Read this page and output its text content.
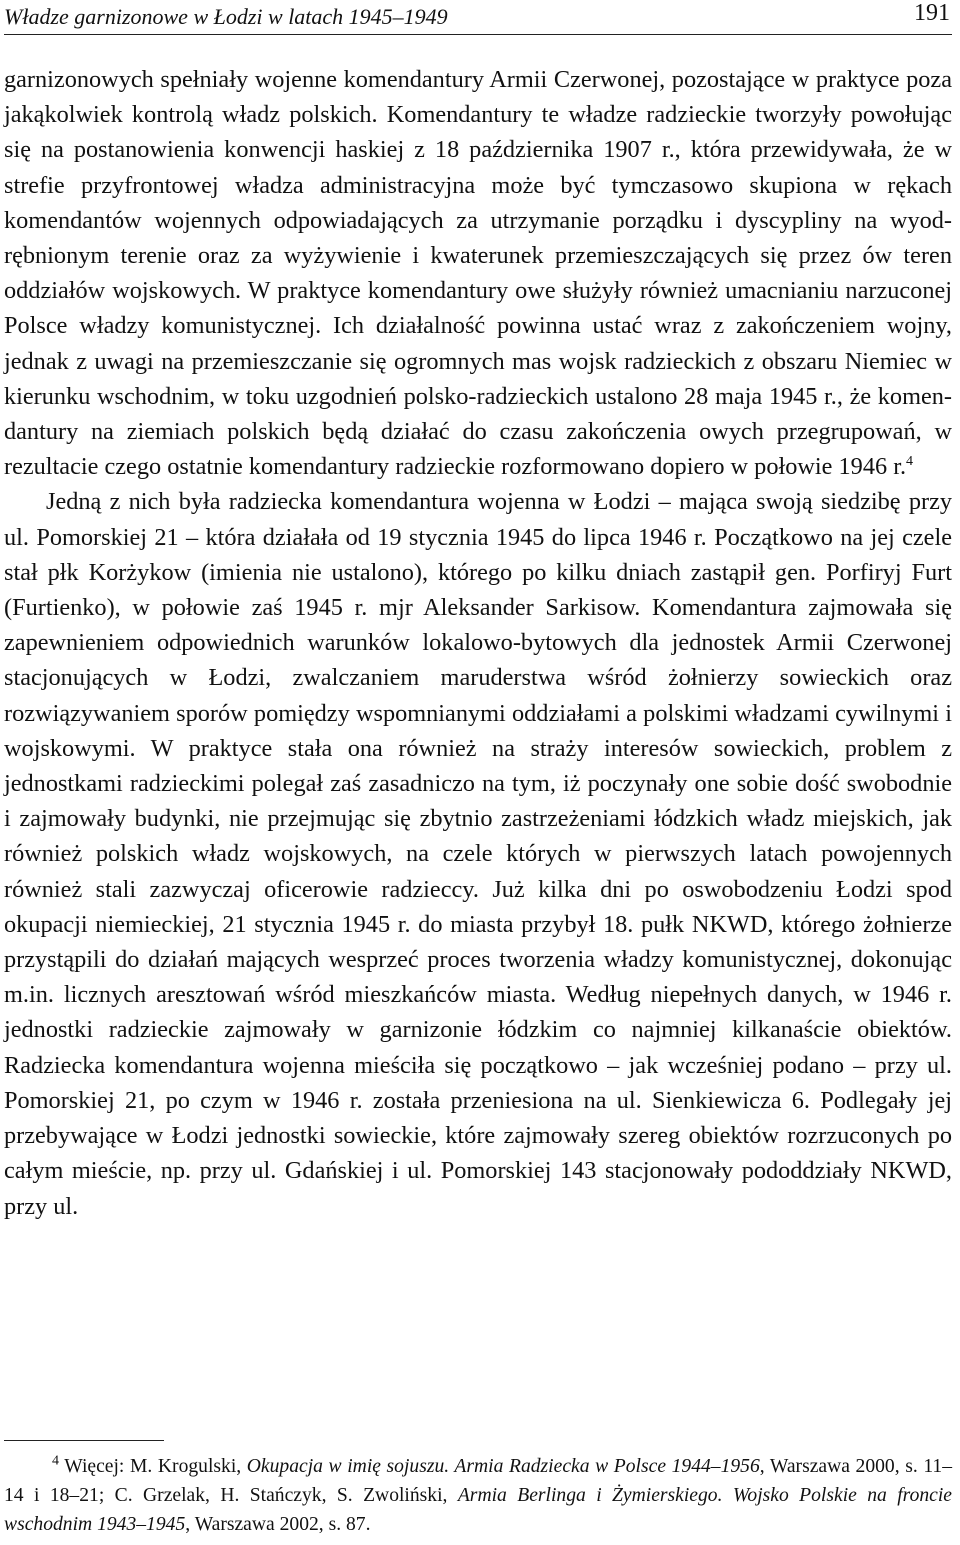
Władze garnizonowe w Łodzi w latach 1945–1949	191

garnizonowych spełniały wojenne komendantury Armii Czerwonej, pozostające w praktyce poza jakąkolwiek kontrolą władz polskich. Komendantury te władze radzieckie tworzyły powołując się na postanowienia konwencji haskiej z 18 października 1907 r., która przewidywała, że w strefie przyfrontowej władza administracyjna może być tymczasowo skupiona w rękach komendantów wojennych odpowiadających za utrzymanie porządku i dyscypliny na wyodrębnionym terenie oraz za wyżywienie i kwaterunek przemieszczających się przez ów teren oddziałów wojskowych. W praktyce komendantury owe służyły również umacnianiu narzuconej Polsce władzy komunistycznej. Ich działalność powinna ustać wraz z zakończeniem wojny, jednak z uwagi na przemieszczanie się ogromnych mas wojsk radzieckich z obszaru Niemiec w kierunku wschodnim, w toku uzgodnień polsko-radzieckich ustalono 28 maja 1945 r., że komendantury na ziemiach polskich będą działać do czasu zakończenia owych przegrupowań, w rezultacie czego ostatnie komendantury radzieckie rozformowano dopiero w połowie 1946 r.$^4$

Jedną z nich była radziecka komendantura wojenna w Łodzi – mająca swoją siedzibę przy ul. Pomorskiej 21 – która działała od 19 stycznia 1945 do lipca 1946 r. Początkowo na jej czele stał płk Korżykow (imienia nie ustalono), którego po kilku dniach zastąpił gen. Porfiryj Furt (Furtienko), w połowie zaś 1945 r. mjr Aleksander Sarkisow. Komendantura zajmowała się zapewnieniem odpowiednich warunków lokalowo-bytowych dla jednostek Armii Czerwonej stacjonujących w Łodzi, zwalczaniem maruderstwa wśród żołnierzy sowieckich oraz rozwiązywaniem sporów pomiędzy wspomnianymi oddziałami a polskimi władzami cywilnymi i wojskowymi. W praktyce stała ona również na straży interesów sowieckich, problem z jednostkami radzieckimi polegał zaś zasadniczo na tym, iż poczynały one sobie dość swobodnie i zajmowały budynki, nie przejmując się zbytnio zastrzeżeniami łódzkich władz miejskich, jak również polskich władz wojskowych, na czele których w pierwszych latach powojennych również stali zazwyczaj oficerowie radzieccy. Już kilka dni po oswobodzeniu Łodzi spod okupacji niemieckiej, 21 stycznia 1945 r. do miasta przybył 18. pułk NKWD, którego żołnierze przystąpili do działań mających wesprzeć proces tworzenia władzy komunistycznej, dokonując m.in. licznych aresztowań wśród mieszkańców miasta. Według niepełnych danych, w 1946 r. jednostki radzieckie zajmowały w garnizonie łódzkim co najmniej kilkanaście obiektów. Radziecka komendantura wojenna mieściła się początkowo – jak wcześniej podano – przy ul. Pomorskiej 21, po czym w 1946 r. została przeniesiona na ul. Sienkiewicza 6. Podlegały jej przebywające w Łodzi jednostki sowieckie, które zajmowały szereg obiektów rozrzuconych po całym mieście, np. przy ul. Gdańskiej i ul. Pomorskiej 143 stacjonowały pododdziały NKWD, przy ul.

$^4$ Więcej: M. Krogulski, Okupacja w imię sojuszu. Armia Radziecka w Polsce 1944–1956, Warszawa 2000, s. 11–14 i 18–21; C. Grzelak, H. Stańczyk, S. Zwoliński, Armia Berlinga i Żymierskiego. Wojsko Polskie na froncie wschodnim 1943–1945, Warszawa 2002, s. 87.
